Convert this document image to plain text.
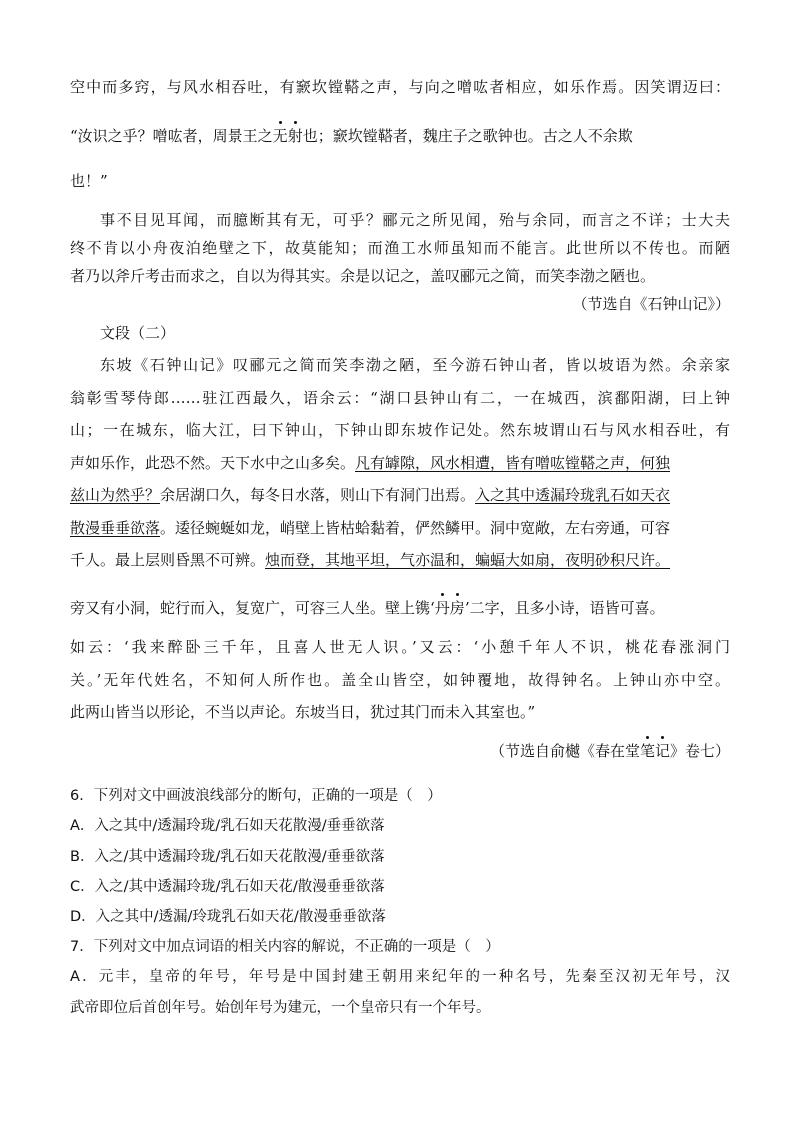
空中而多窍，与风水相吞吐，有窾坎镗鞳之声，与向之噌吰者相应，如乐作焉。因笑谓迈曰：
“汝识之乎？噌吰者，周景王之无射也；窾坎镗鞳者，魏庄子之歌钟也。古之人不余欺
也！”
事不目见耳闻，而臆断其有无，可乎？郦元之所见闻，殆与余同，而言之不详；士大夫
终不肯以小舟夜泊绝壁之下，故莫能知；而渔工水师虽知而不能言。此世所以不传也。而陋
者乃以斧斤考击而求之，自以为得其实。余是以记之，盖叹郦元之简，而笑李渤之陋也。
（节选自《石钟山记》）
文段（二）
东坡《石钟山记》叹郦元之简而笑李渤之陋，至今游石钟山者，皆以坡语为然。余亲家
翁彰雪琴侍郎……驻江西最久，语余云：“湖口县钟山有二，一在城西，滨鄱阳湖，曰上钟
山；一在城东，临大江，曰下钟山，下钟山即东坡作记处。然东坡谓山石与风水相吞吐，有
声如乐作，此恐不然。天下水中之山多矣。凡有罅隙，风水相遭，皆有噌吰镗鞳之声，何独
兹山为然乎？余居湖口久，每冬日水落，则山下有洞门出焉。入之其中透漏玲珑乳石如天衣
散漫垂垂欲落。逶径蜿蜒如龙，峭壁上皆枯蛤黏着，俨然鳞甲。洞中宽敞，左右旁通，可容
千人。最上层则昏黑不可辨。烛而登，其地平坦，气亦温和，蝙蝠大如扇，夜明砂积尺许。
旁又有小洞，蛇行而入，复宽广，可容三人坐。壁上镌‘丹房’二字，且多小诗，语皆可喜。
如云：‘我来醉卧三千年，且喜人世无人识。’又云：‘小憩千年人不识，桃花春涨洞门
关。’无年代姓名，不知何人所作也。盖全山皆空，如钟覆地，故得钟名。上钟山亦中空。
此两山皆当以形论，不当以声论。东坡当日，犹过其门而未入其室也。”
（节选自俞樾《春在堂笔记》卷七）
6．下列对文中画波浪线部分的断句，正确的一项是（　）
A．入之其中/透漏玲珑/乳石如天花散漫/垂垂欲落
B．入之/其中透漏玲珑/乳石如天花散漫/垂垂欲落
C．入之/其中透漏玲珑/乳石如天花/散漫垂垂欲落
D．入之其中/透漏/玲珑乳石如天花/散漫垂垂欲落
7．下列对文中加点词语的相关内容的解说，不正确的一项是（　）
A．元丰，皇帝的年号，年号是中国封建王朝用来纪年的一种名号，先秦至汉初无年号，汉
武帝即位后首创年号。始创年号为建元，一个皇帝只有一个年号。
